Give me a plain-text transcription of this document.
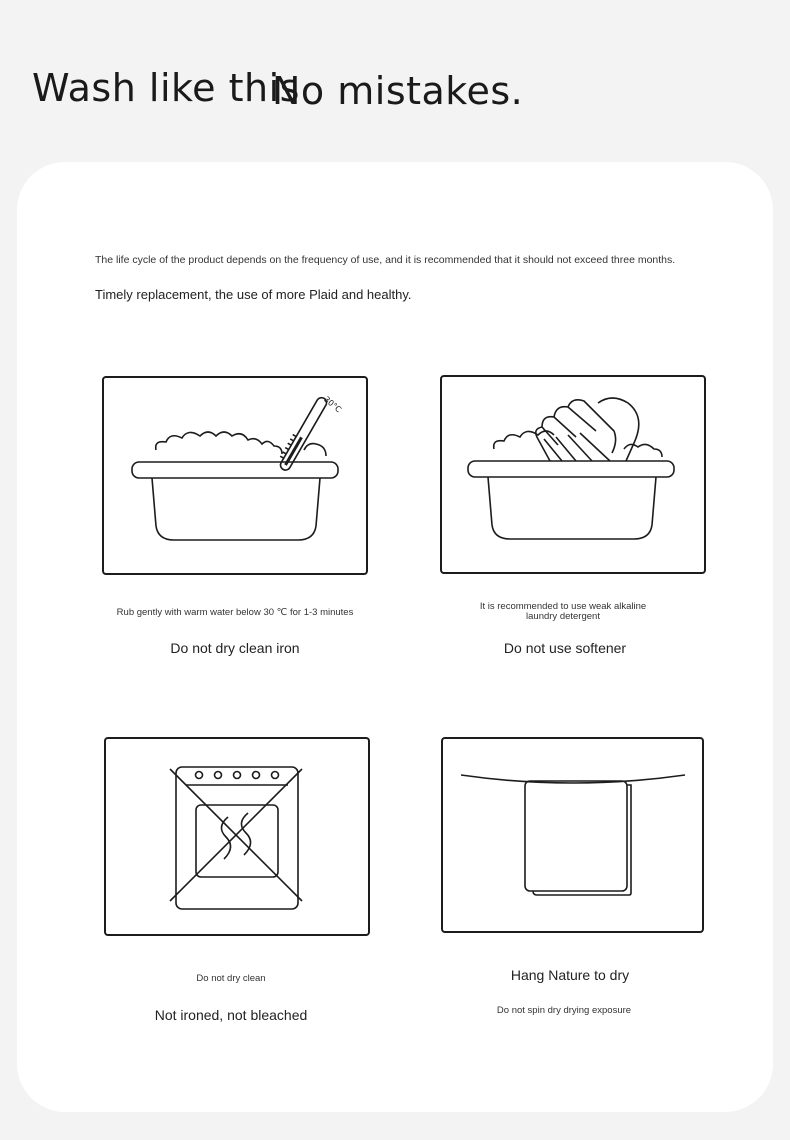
Wash like thisNo mistakes.

The life cycle of the product depends on the frequency of use, and it is recommended that it should not exceed three months.

Timely replacement, the use of more Plaid and healthy.

30°C

Rub gently with warm water below 30 ℃ for 1-3 minutes

Do not dry clean iron

It is recommended to use weak alkaline laundry detergent

Do not use softener

Do not dry clean

Not ironed, not bleached

Hang Nature to dry

Do not spin dry drying exposure
